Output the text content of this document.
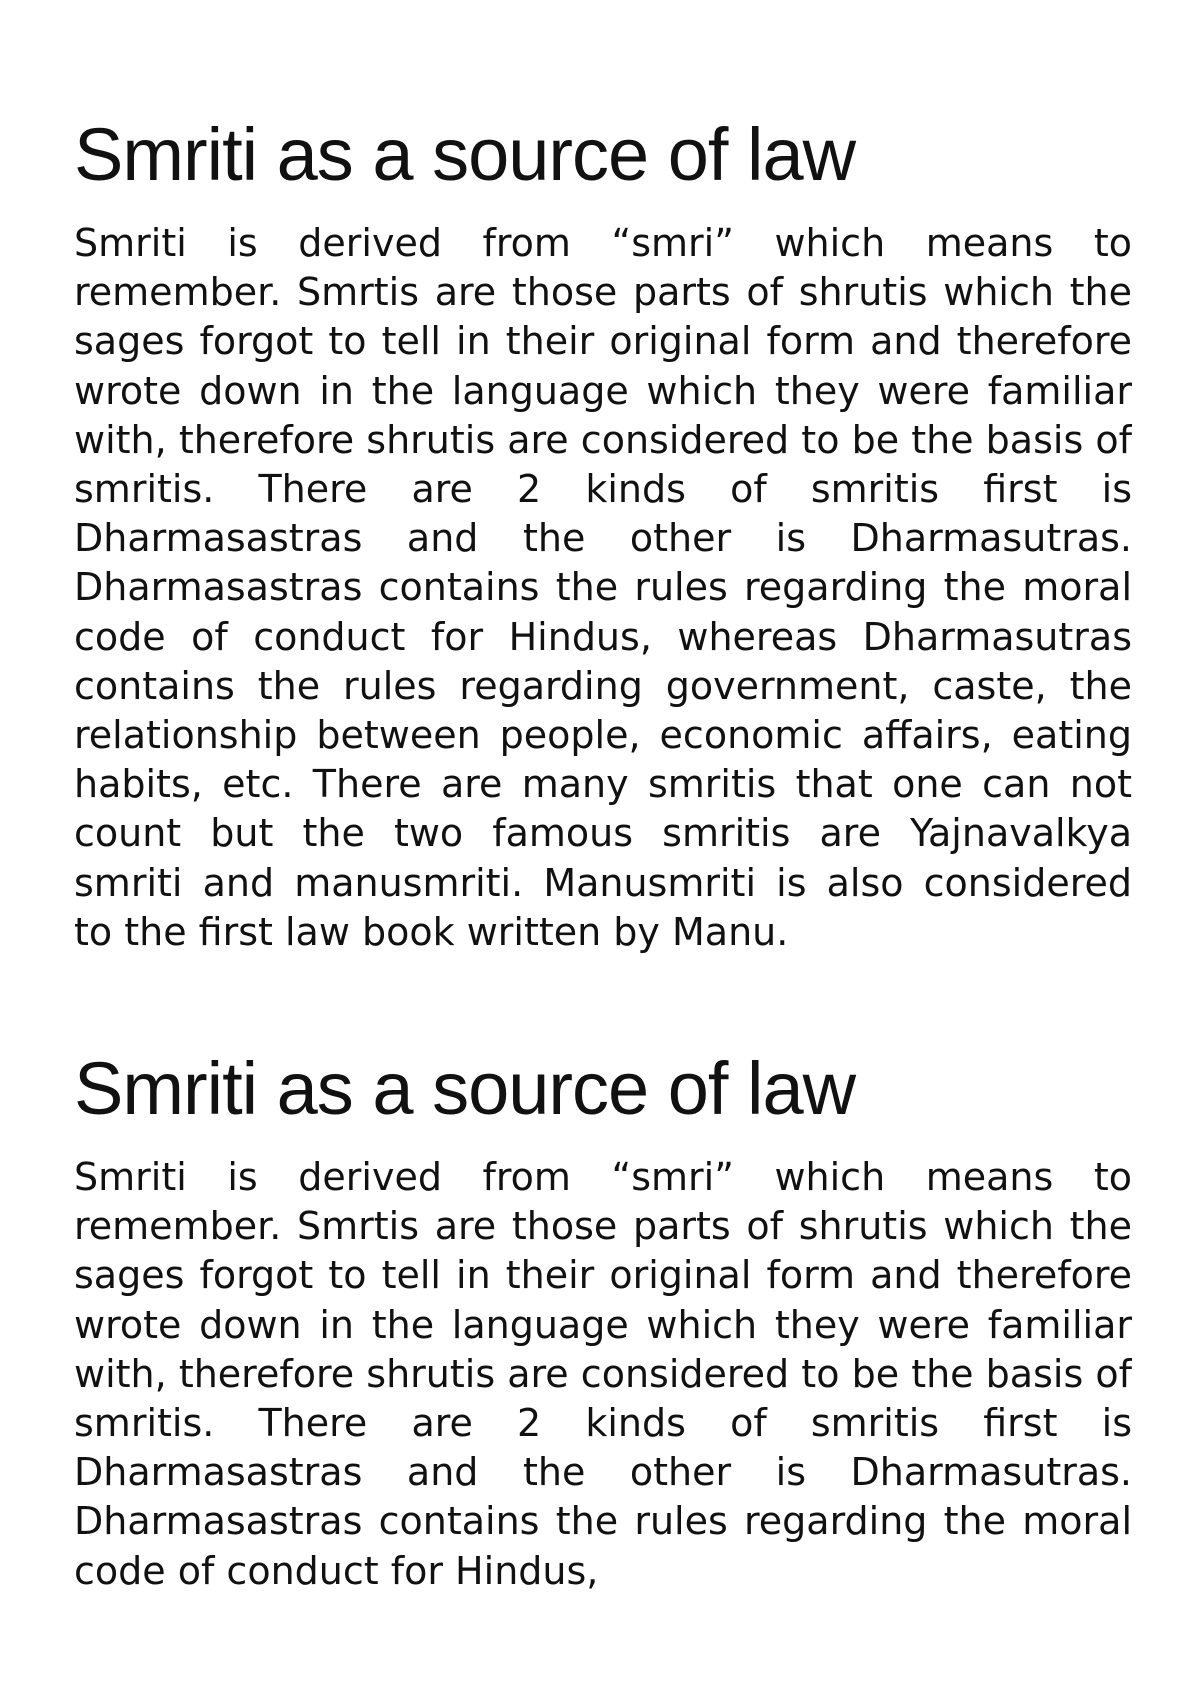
Smriti as a source of law

Smriti is derived from “smri” which means to remember. Smrtis are those parts of shrutis which the sages forgot to tell in their original form and therefore wrote down in the language which they were familiar with, therefore shrutis are considered to be the basis of smritis. There are 2 kinds of smritis first is Dharmasastras and the other is Dharmasutras. Dharmasastras contains the rules regarding the moral code of conduct for Hindus, whereas Dharmasutras contains the rules regarding government, caste, the relationship between people, economic affairs, eating habits, etc. There are many smritis that one can not count but the two famous smritis are Yajnavalkya smriti and manusmriti. Manusmriti is also considered to the first law book written by Manu.

Smriti as a source of law

Smriti is derived from “smri” which means to remember. Smrtis are those parts of shrutis which the sages forgot to tell in their original form and therefore wrote down in the language which they were familiar with, therefore shrutis are considered to be the basis of smritis. There are 2 kinds of smritis first is Dharmasastras and the other is Dharmasutras. Dharmasastras contains the rules regarding the moral code of conduct for Hindus,
